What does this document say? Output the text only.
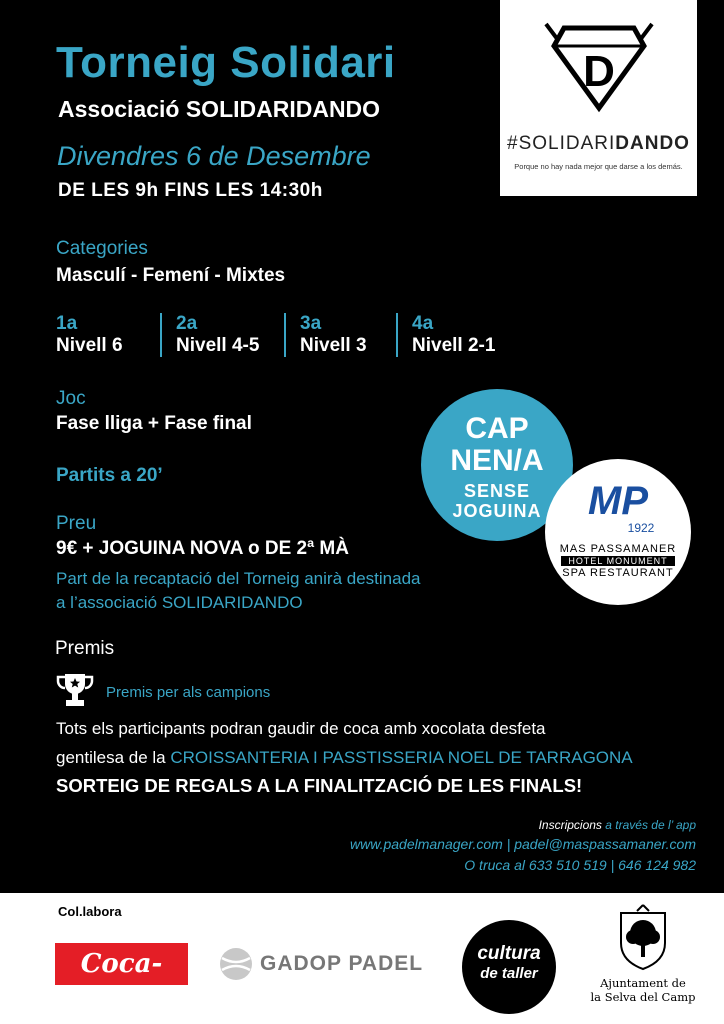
Torneig Solidari
Associació SOLIDARIDANDO
Divendres 6 de Desembre
DE LES 9h FINS LES 14:30h
D
#SOLIDARIDANDO
Porque no hay nada mejor que darse a los demás.
Categories
Masculí - Femení - Mixtes
1a
Nivell 6
2a
Nivell 4-5
3a
Nivell 3
4a
Nivell 2-1
Joc
Fase lliga + Fase final
Partits a 20’
Preu
9€ + JOGUINA NOVA o DE 2ª MÀ
Part de la recaptació del Torneig anirà destinada
a l’associació SOLIDARIDANDO
CAP
NEN/A
SENSE
JOGUINA	MP
1922
MAS PASSAMANER
HOTEL MONUMENT
SPA RESTAURANT
Premis
Premis per als campions
Tots els participants podran gaudir de coca amb xocolata desfeta
gentilesa de la CROISSANTERIA I PASSTISSERIA NOEL DE TARRAGONA
SORTEIG DE REGALS A LA FINALITZACIÓ DE LES FINALS!
Inscripcions a través de l’ app
www.padelmanager.com | padel@maspassamaner.com
O truca al 633 510 519 | 646 124 982
Col.labora
Coca-Cola
GADOP PADEL	cultura
de taller
Ajuntament de
la Selva del Camp
